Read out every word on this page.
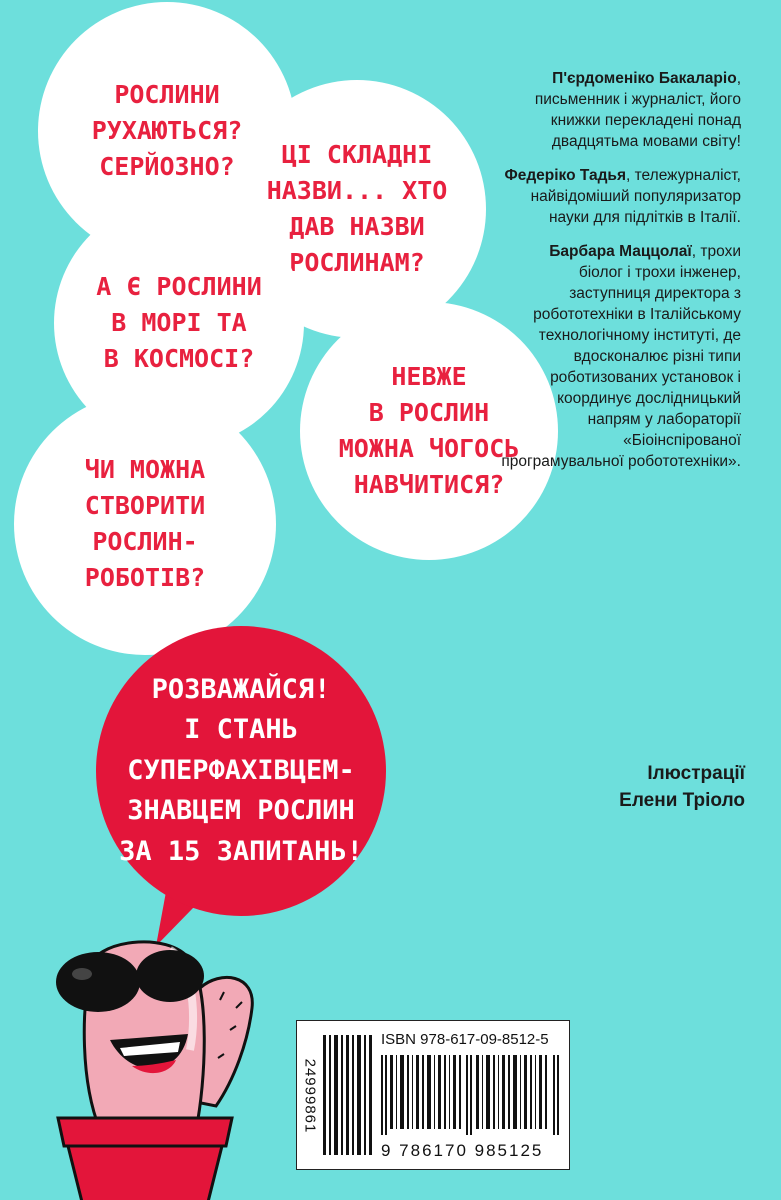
РОСЛИНИ
РУХАЮТЬСЯ?
СЕРЙОЗНО?	ЦІ СКЛАДНІ
НАЗВИ... ХТО
ДАВ НАЗВИ
РОСЛИНАМ?
А Є РОСЛИНИ
В МОРІ ТА
В КОСМОСІ?
НЕВЖЕ
В РОСЛИН
МОЖНА ЧОГОСЬ
НАВЧИТИСЯ?
ЧИ МОЖНА
СТВОРИТИ
РОСЛИН-
РОБОТІВ?
РОЗВАЖАЙСЯ!
І СТАНЬ
СУПЕРФАХІВЦЕМ-
ЗНАВЦЕМ РОСЛИН
ЗА 15 ЗАПИТАНЬ!

П'єрдоменіко Бакаларіо, письменник і журналіст, його книжки перекладені понад двадцятьма мовами світу!

Федеріко Тадья, тележурналіст, найвідоміший популяризатор науки для підлітків в Італії.

Барбара Маццолаї, трохи біолог і трохи інженер, заступниця директора з робототехніки в Італійському технологічному інституті, де вдосконалює різні типи роботизованих установок і координує дослідницький напрям у лабораторії «Біоінспірованої програмувальної робототехніки».

Ілюстрації
Елени Тріоло
24999861
ISBN 978-617-09-8512-5
9 786170 985125
